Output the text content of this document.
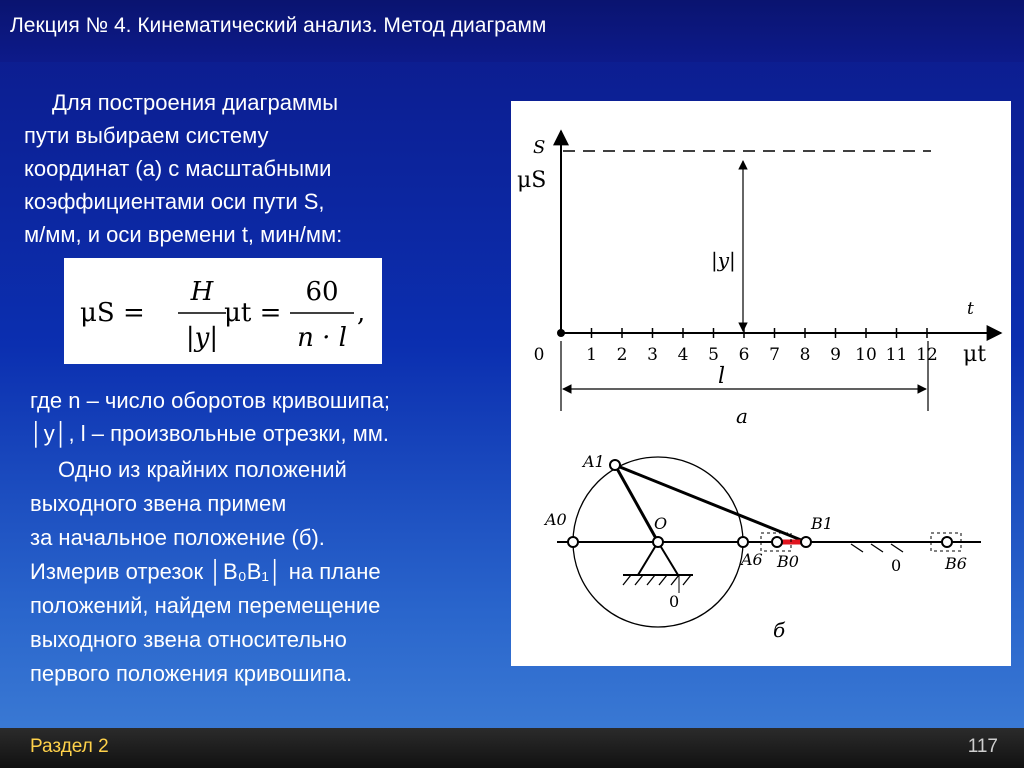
Лекция № 4. Кинематический анализ. Метод диаграмм
Для построения диаграммы
пути выбираем систему
координат (а) с масштабными
коэффициентами оси пути S,
м/мм, и оси времени t, мин/мм:
μS =
H
|y|
μt =
60
n · l
,
где n – число оборотов кривошипа;
│y│, l – произвольные отрезки, мм.
Одно из крайних положений
выходного звена примем
за начальное положение (б).
Измерив отрезок │B₀B₁│ на плане
положений, найдем перемещение
выходного звена относительно
первого положения кривошипа.
0 1 2 3 4 5 6 7 8 9 10 11 12
S
μS
t
μt
|y|
l
а
A1
A0	O
A6 B0
B1
B6
0
0
б
Раздел 2	117
